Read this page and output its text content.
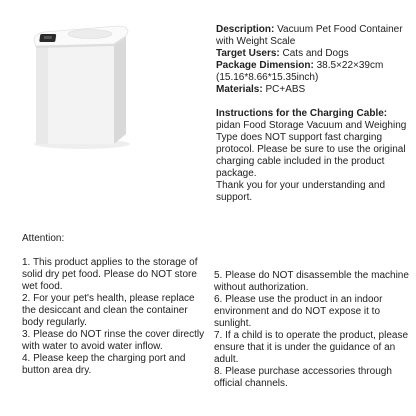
Description: Vacuum Pet Food Container with Weight Scale

Target Users: Cats and Dogs

Package Dimension: 38.5×22×39cm (15.16*8.66*15.35inch)

Materials: PC+ABS

Instructions for the Charging Cable:

pidan Food Storage Vacuum and Weighing Type does NOT support fast charging protocol. Please be sure to use the original charging cable included in the product package.

Thank you for your understanding and support.

Attention:

1. This product applies to the storage of solid dry pet food. Please do NOT store wet food.

2. For your pet's health, please replace the desiccant and clean the container body regularly.

3. Please do NOT rinse the cover directly with water to avoid water inflow.

4. Please keep the charging port and button area dry.

5. Please do NOT disassemble the machine without authorization.

6. Please use the product in an indoor environment and do NOT expose it to sunlight.

7. If a child is to operate the product, please ensure that it is under the guidance of an adult.

8. Please purchase accessories through official channels.
